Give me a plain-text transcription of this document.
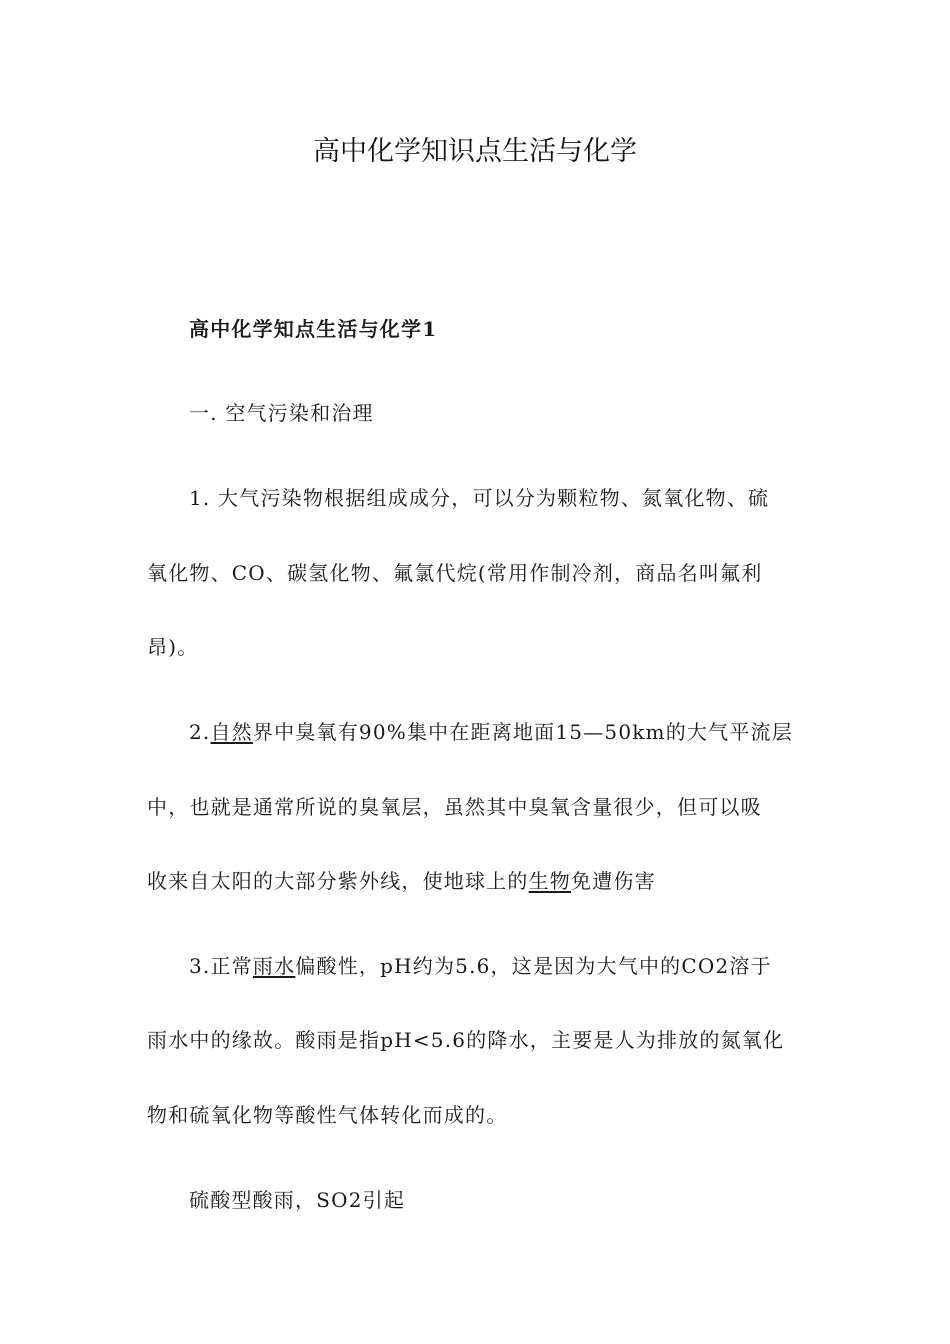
高中化学知识点生活与化学
高中化学知点生活与化学1
一. 空气污染和治理
1. 大气污染物根据组成成分，可以分为颗粒物、氮氧化物、硫
氧化物、CO、碳氢化物、氟氯代烷(常用作制冷剂，商品名叫氟利
昂)。
2.自然界中臭氧有90%集中在距离地面15—50km的大气平流层
中，也就是通常所说的臭氧层，虽然其中臭氧含量很少，但可以吸
收来自太阳的大部分紫外线，使地球上的生物免遭伤害
3.正常雨水偏酸性，pH约为5.6，这是因为大气中的CO2溶于
雨水中的缘故。酸雨是指pH<5.6的降水，主要是人为排放的氮氧化
物和硫氧化物等酸性气体转化而成的。
硫酸型酸雨，SO2引起
